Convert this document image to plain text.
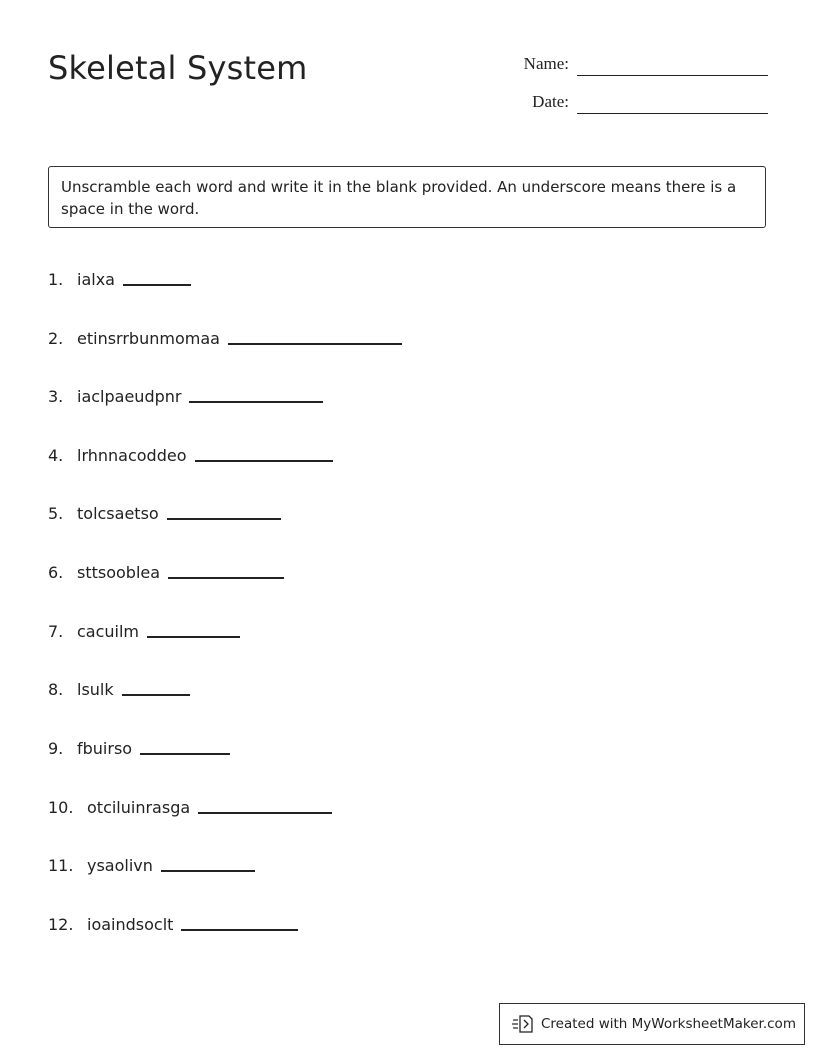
Skeletal System	Name:
Date:
Unscramble each word and write it in the blank provided. An underscore means there is a space in the word.
1. ialxa
2. etinsrrbunmomaa
3. iaclpaeudpnr
4. lrhnnacoddeo
5. tolcsaetso
6. sttsooblea
7. cacuilm
8. lsulk
9. fbuirso
10. otciluinrasga
11. ysaolivn
12. ioaindsoclt
Created with MyWorksheetMaker.com
